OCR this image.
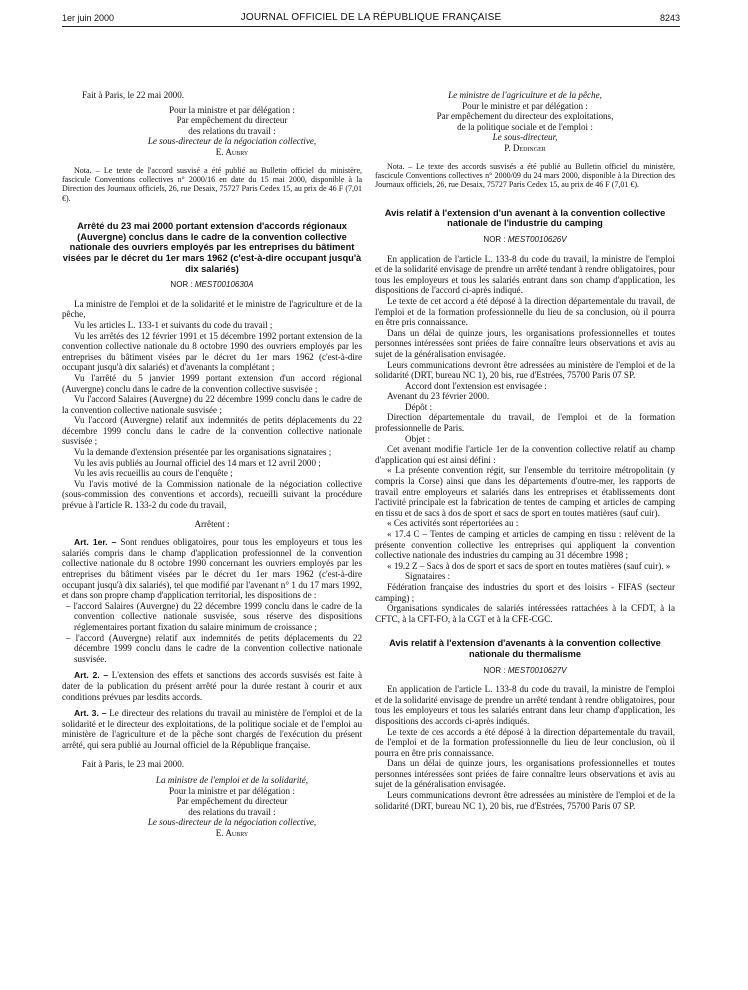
1er juin 2000	JOURNAL OFFICIEL DE LA RÉPUBLIQUE FRANÇAISE	8243

Fait à Paris, le 22 mai 2000.

Pour la ministre et par délégation :

Par empêchement du directeur

des relations du travail :

Le sous-directeur de la négociation collective,

E. Aubry

Nota. – Le texte de l'accord susvisé a été publié au Bulletin officiel du ministère, fascicule Conventions collectives n° 2000/16 en date du 15 mai 2000, disponible à la Direction des Journaux officiels, 26, rue Desaix, 75727 Paris Cedex 15, au prix de 46 F (7,01 €).

Arrêté du 23 mai 2000 portant extension d'accords régionaux (Auvergne) conclus dans le cadre de la convention collective nationale des ouvriers employés par les entreprises du bâtiment visées par le décret du 1er mars 1962 (c'est-à-dire occupant jusqu'à dix salariés)

NOR : MEST0010630A

La ministre de l'emploi et de la solidarité et le ministre de l'agriculture et de la pêche,

Vu les articles L. 133-1 et suivants du code du travail ;

Vu les arrêtés des 12 février 1991 et 15 décembre 1992 portant extension de la convention collective nationale du 8 octobre 1990 des ouvriers employés par les entreprises du bâtiment visées par le décret du 1er mars 1962 (c'est-à-dire occupant jusqu'à dix salariés) et d'avenants la complétant ;

Vu l'arrêté du 5 janvier 1999 portant extension d'un accord régional (Auvergne) conclu dans le cadre de la convention collective susvisée ;

Vu l'accord Salaires (Auvergne) du 22 décembre 1999 conclu dans le cadre de la convention collective nationale susvisée ;

Vu l'accord (Auvergne) relatif aux indemnités de petits déplacements du 22 décembre 1999 conclu dans le cadre de la convention collective nationale susvisée ;

Vu la demande d'extension présentée par les organisations signataires ;

Vu les avis publiés au Journal officiel des 14 mars et 12 avril 2000 ;

Vu les avis recueillis au cours de l'enquête ;

Vu l'avis motivé de la Commission nationale de la négociation collective (sous-commission des conventions et accords), recueilli suivant la procédure prévue à l'article R. 133-2 du code du travail,

Arrêtent :

Art. 1er. – Sont rendues obligatoires, pour tous les employeurs et tous les salariés compris dans le champ d'application professionnel de la convention collective nationale du 8 octobre 1990 concernant les ouvriers employés par les entreprises du bâtiment visées par le décret du 1er mars 1962 (c'est-à-dire occupant jusqu'à dix salariés), tel que modifié par l'avenant n° 1 du 17 mars 1992, et dans son propre champ d'application territorial, les dispositions de :

– l'accord Salaires (Auvergne) du 22 décembre 1999 conclu dans le cadre de la convention collective nationale susvisée, sous réserve des dispositions réglementaires portant fixation du salaire minimum de croissance ;

– l'accord (Auvergne) relatif aux indemnités de petits déplacements du 22 décembre 1999 conclu dans le cadre de la convention collective nationale susvisée.

Art. 2. – L'extension des effets et sanctions des accords susvisés est faite à dater de la publication du présent arrêté pour la durée restant à courir et aux conditions prévues par lesdits accords.

Art. 3. – Le directeur des relations du travail au ministère de l'emploi et de la solidarité et le directeur des exploitations, de la politique sociale et de l'emploi au ministère de l'agriculture et de la pêche sont chargés de l'exécution du présent arrêté, qui sera publié au Journal officiel de la République française.

Fait à Paris, le 23 mai 2000.

La ministre de l'emploi et de la solidarité,

Pour la ministre et par délégation :

Par empêchement du directeur

des relations du travail :

Le sous-directeur de la négociation collective,

E. Aubry

Le ministre de l'agriculture et de la pêche,

Pour le ministre et par délégation :

Par empêchement du directeur des exploitations,

de la politique sociale et de l'emploi :

Le sous-directeur,

P. Dedinger

Nota. – Le texte des accords susvisés a été publié au Bulletin officiel du ministère, fascicule Conventions collectives n° 2000/09 du 24 mars 2000, disponible à la Direction des Journaux officiels, 26, rue Desaix, 75727 Paris Cedex 15, au prix de 46 F (7,01 €).

Avis relatif à l'extension d'un avenant à la convention collective nationale de l'industrie du camping

NOR : MEST0010626V

En application de l'article L. 133-8 du code du travail, la ministre de l'emploi et de la solidarité envisage de prendre un arrêté tendant à rendre obligatoires, pour tous les employeurs et tous les salariés entrant dans son champ d'application, les dispositions de l'accord ci-après indiqué.

Le texte de cet accord a été déposé à la direction départementale du travail, de l'emploi et de la formation professionnelle du lieu de sa conclusion, où il pourra en être pris connaissance.

Dans un délai de quinze jours, les organisations professionnelles et toutes personnes intéressées sont priées de faire connaître leurs observations et avis au sujet de la généralisation envisagée.

Leurs communications devront être adressées au ministère de l'emploi et de la solidarité (DRT, bureau NC 1), 20 bis, rue d'Estrées, 75700 Paris 07 SP.

Accord dont l'extension est envisagée :

Avenant du 23 février 2000.

Dépôt :

Direction départementale du travail, de l'emploi et de la formation professionnelle de Paris.

Objet :

Cet avenant modifie l'article 1er de la convention collective relatif au champ d'application qui est ainsi défini :

« La présente convention régit, sur l'ensemble du territoire métropolitain (y compris la Corse) ainsi que dans les départements d'outre-mer, les rapports de travail entre employeurs et salariés dans les entreprises et établissements dont l'activité principale est la fabrication de tentes de camping et articles de camping en tissu et de sacs à dos de sport et sacs de sport en toutes matières (sauf cuir).

« Ces activités sont répertoriées au :

« 17.4 C – Tentes de camping et articles de camping en tissu : relèvent de la présente convention collective les entreprises qui appliquent la convention collective nationale des industries du camping au 31 décembre 1998 ;

« 19.2 Z – Sacs à dos de sport et sacs de sport en toutes matières (sauf cuir). »

Signataires :

Fédération française des industries du sport et des loisirs - FIFAS (secteur camping) ;

Organisations syndicales de salariés intéressées rattachées à la CFDT, à la CFTC, à la CFT-FO, à la CGT et à la CFE-CGC.

Avis relatif à l'extension d'avenants à la convention collective nationale du thermalisme

NOR : MEST0010627V

En application de l'article L. 133-8 du code du travail, la ministre de l'emploi et de la solidarité envisage de prendre un arrêté tendant à rendre obligatoires, pour tous les employeurs et tous les salariés entrant dans leur champ d'application, les dispositions des accords ci-après indiqués.

Le texte de ces accords a été déposé à la direction départementale du travail, de l'emploi et de la formation professionnelle du lieu de leur conclusion, où il pourra en être pris connaissance.

Dans un délai de quinze jours, les organisations professionnelles et toutes personnes intéressées sont priées de faire connaître leurs observations et avis au sujet de la généralisation envisagée.

Leurs communications devront être adressées au ministère de l'emploi et de la solidarité (DRT, bureau NC 1), 20 bis, rue d'Estrées, 75700 Paris 07 SP.
